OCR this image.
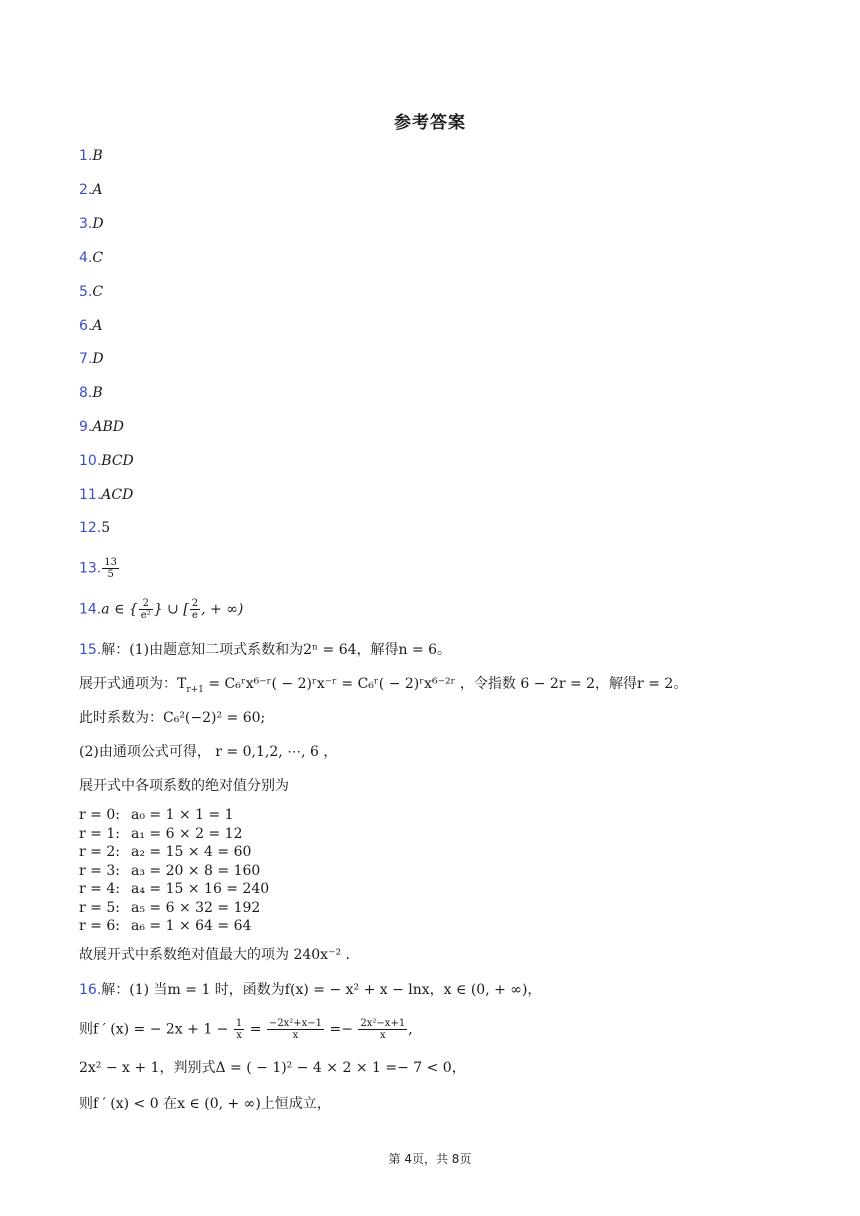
参考答案
1.B
2.A
3.D
4.C
5.C
6.A
7.D
8.B
9.ABD
10.BCD
11.ACD
12.5
13. $\frac{13}{5}$
14.a ∈ { $\frac{2}{\text{e²}}$ } ∪ [ $\frac{2}{e}$ , + ∞)
15.解：(1)由题意知二项式系数和为2ⁿ = 64，解得n = 6。
展开式通项为：$T_{r+1}$ = C₆ʳx⁶⁻ʳ( − 2)ʳx⁻ʳ = C₆ʳ( − 2)ʳx⁶⁻²ʳ ，令指数 6 − 2r = 2，解得r = 2。
此时系数为：C₆²(−2)² = 60;
(2)由通项公式可得， r = 0,1,2, ⋯, 6 ，
展开式中各项系数的绝对值分别为
r = 0: a₀ = 1 × 1 = 1
r = 1: a₁ = 6 × 2 = 12
r = 2: a₂ = 15 × 4 = 60
r = 3: a₃ = 20 × 8 = 160
r = 4: a₄ = 15 × 16 = 240
r = 5: a₅ = 6 × 32 = 192
r = 6: a₆ = 1 × 64 = 64
故展开式中系数绝对值最大的项为 240x⁻² .
16.解：(1) 当m = 1 时，函数为f(x) = − x² + x − lnx，x ∈ (0, + ∞)，
则f ′ (x) = − $2x + 1 - \frac{1}{x} = \frac{\text{−2x²+x−1}}{x} =- \frac{\text{2x²−x+1}}{x}$ ,
2x² − x + 1，判别式Δ = ( − 1)² − 4 × 2 × 1 =− 7 < 0，
则f ′ (x) < 0 在x ∈ (0, + ∞)上恒成立，
第 4页，共 8页
